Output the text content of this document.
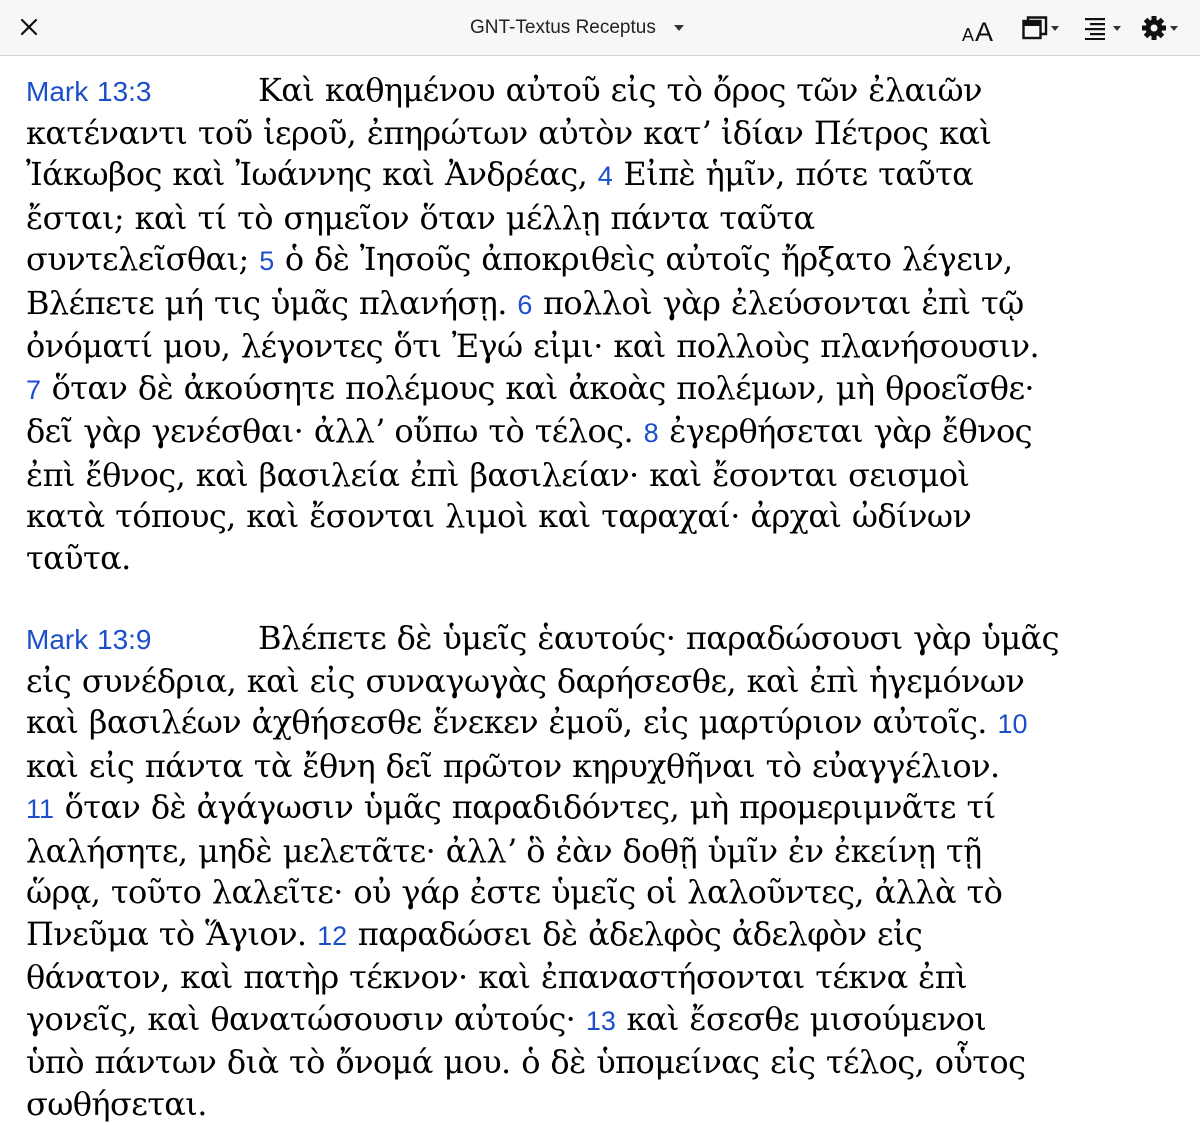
GNT-Textus Receptus	A A
Mark 13:3	Καὶ καθημένου αὐτοῦ εἰς τὸ ὄρος τῶν ἐλαιῶν
κατέναντι τοῦ ἱεροῦ, ἐπηρώτων αὐτὸν κατʼ ἰδίαν Πέτρος καὶ
Ἰάκωβος καὶ Ἰωάννης καὶ Ἀνδρέας, 4 Εἰπὲ ἡμῖν, πότε ταῦτα
ἔσται; καὶ τί τὸ σημεῖον ὅταν μέλλῃ πάντα ταῦτα
συντελεῖσθαι; 5 ὁ δὲ Ἰησοῦς ἀποκριθεὶς αὐτοῖς ἤρξατο λέγειν,
Βλέπετε μή τις ὑμᾶς πλανήσῃ. 6 πολλοὶ γὰρ ἐλεύσονται ἐπὶ τῷ
ὀνόματί μου, λέγοντες ὅτι Ἐγώ εἰμι· καὶ πολλοὺς πλανήσουσιν.
7 ὅταν δὲ ἀκούσητε πολέμους καὶ ἀκοὰς πολέμων, μὴ θροεῖσθε·
δεῖ γὰρ γενέσθαι· ἀλλʼ οὔπω τὸ τέλος. 8 ἐγερθήσεται γὰρ ἔθνος
ἐπὶ ἔθνος, καὶ βασιλεία ἐπὶ βασιλείαν· καὶ ἔσονται σεισμοὶ
κατὰ τόπους, καὶ ἔσονται λιμοὶ καὶ ταραχαί· ἀρχαὶ ὠδίνων
ταῦτα.
Mark 13:9	Βλέπετε δὲ ὑμεῖς ἑαυτούς· παραδώσουσι γὰρ ὑμᾶς
εἰς συνέδρια, καὶ εἰς συναγωγὰς δαρήσεσθε, καὶ ἐπὶ ἡγεμόνων
καὶ βασιλέων ἀχθήσεσθε ἕνεκεν ἐμοῦ, εἰς μαρτύριον αὐτοῖς. 10
καὶ εἰς πάντα τὰ ἔθνη δεῖ πρῶτον κηρυχθῆναι τὸ εὐαγγέλιον.
11 ὅταν δὲ ἀγάγωσιν ὑμᾶς παραδιδόντες, μὴ προμεριμνᾶτε τί
λαλήσητε, μηδὲ μελετᾶτε· ἀλλʼ ὃ ἐὰν δοθῇ ὑμῖν ἐν ἐκείνῃ τῇ
ὥρᾳ, τοῦτο λαλεῖτε· οὐ γάρ ἐστε ὑμεῖς οἱ λαλοῦντες, ἀλλὰ τὸ
Πνεῦμα τὸ Ἅγιον. 12 παραδώσει δὲ ἀδελφὸς ἀδελφὸν εἰς
θάνατον, καὶ πατὴρ τέκνον· καὶ ἐπαναστήσονται τέκνα ἐπὶ
γονεῖς, καὶ θανατώσουσιν αὐτούς· 13 καὶ ἔσεσθε μισούμενοι
ὑπὸ πάντων διὰ τὸ ὄνομά μου. ὁ δὲ ὑπομείνας εἰς τέλος, οὗτος
σωθήσεται.
